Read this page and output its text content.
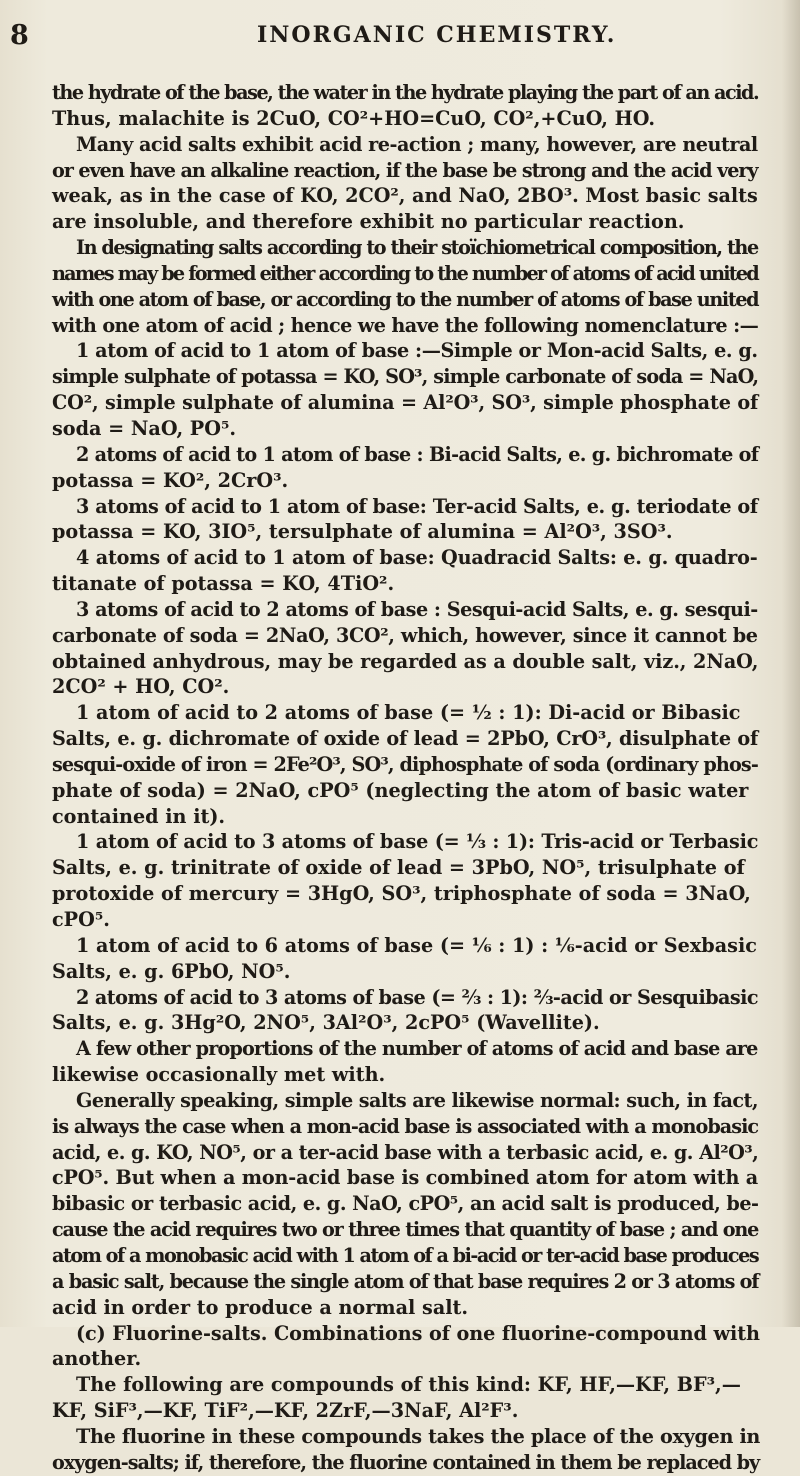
8	INORGANIC CHEMISTRY.
the hydrate of the base, the water in the hydrate playing the part of an acid.
Thus, malachite is 2CuO, CO²+HO=CuO, CO²,+CuO, HO.
Many acid salts exhibit acid re-action ; many, however, are neutral
or even have an alkaline reaction, if the base be strong and the acid very
weak, as in the case of KO, 2CO², and NaO, 2BO³. Most basic salts
are insoluble, and therefore exhibit no particular reaction.
In designating salts according to their stoïchiometrical composition, the
names may be formed either according to the number of atoms of acid united
with one atom of base, or according to the number of atoms of base united
with one atom of acid ; hence we have the following nomenclature :—
1 atom of acid to 1 atom of base :—Simple or Mon-acid Salts, e. g.
simple sulphate of potassa = KO, SO³, simple carbonate of soda = NaO,
CO², simple sulphate of alumina = Al²O³, SO³, simple phosphate of
soda = NaO, PO⁵.
2 atoms of acid to 1 atom of base : Bi-acid Salts, e. g. bichromate of
potassa = KO², 2CrO³.
3 atoms of acid to 1 atom of base: Ter-acid Salts, e. g. teriodate of
potassa = KO, 3IO⁵, tersulphate of alumina = Al²O³, 3SO³.
4 atoms of acid to 1 atom of base: Quadracid Salts: e. g. quadro-
titanate of potassa = KO, 4TiO².
3 atoms of acid to 2 atoms of base : Sesqui-acid Salts, e. g. sesqui-
carbonate of soda = 2NaO, 3CO², which, however, since it cannot be
obtained anhydrous, may be regarded as a double salt, viz., 2NaO,
2CO² + HO, CO².
1 atom of acid to 2 atoms of base (= ½ : 1): Di-acid or Bibasic
Salts, e. g. dichromate of oxide of lead = 2PbO, CrO³, disulphate of
sesqui-oxide of iron = 2Fe²O³, SO³, diphosphate of soda (ordinary phos-
phate of soda) = 2NaO, cPO⁵ (neglecting the atom of basic water
contained in it).
1 atom of acid to 3 atoms of base (= ⅓ : 1): Tris-acid or Terbasic
Salts, e. g. trinitrate of oxide of lead = 3PbO, NO⁵, trisulphate of
protoxide of mercury = 3HgO, SO³, triphosphate of soda = 3NaO,
cPO⁵.
1 atom of acid to 6 atoms of base (= ⅙ : 1) : ⅙-acid or Sexbasic
Salts, e. g. 6PbO, NO⁵.
2 atoms of acid to 3 atoms of base (= ⅔ : 1): ⅔-acid or Sesquibasic
Salts, e. g. 3Hg²O, 2NO⁵, 3Al²O³, 2cPO⁵ (Wavellite).
A few other proportions of the number of atoms of acid and base are
likewise occasionally met with.
Generally speaking, simple salts are likewise normal: such, in fact,
is always the case when a mon-acid base is associated with a monobasic
acid, e. g. KO, NO⁵, or a ter-acid base with a terbasic acid, e. g. Al²O³,
cPO⁵. But when a mon-acid base is combined atom for atom with a
bibasic or terbasic acid, e. g. NaO, cPO⁵, an acid salt is produced, be-
cause the acid requires two or three times that quantity of base ; and one
atom of a monobasic acid with 1 atom of a bi-acid or ter-acid base produces
a basic salt, because the single atom of that base requires 2 or 3 atoms of
acid in order to produce a normal salt.
(c) Fluorine-salts. Combinations of one fluorine-compound with
another.
The following are compounds of this kind: KF, HF,—KF, BF³,—
KF, SiF³,—KF, TiF²,—KF, 2ZrF,—3NaF, Al²F³.
The fluorine in these compounds takes the place of the oxygen in
oxygen-salts; if, therefore, the fluorine contained in them be replaced by
